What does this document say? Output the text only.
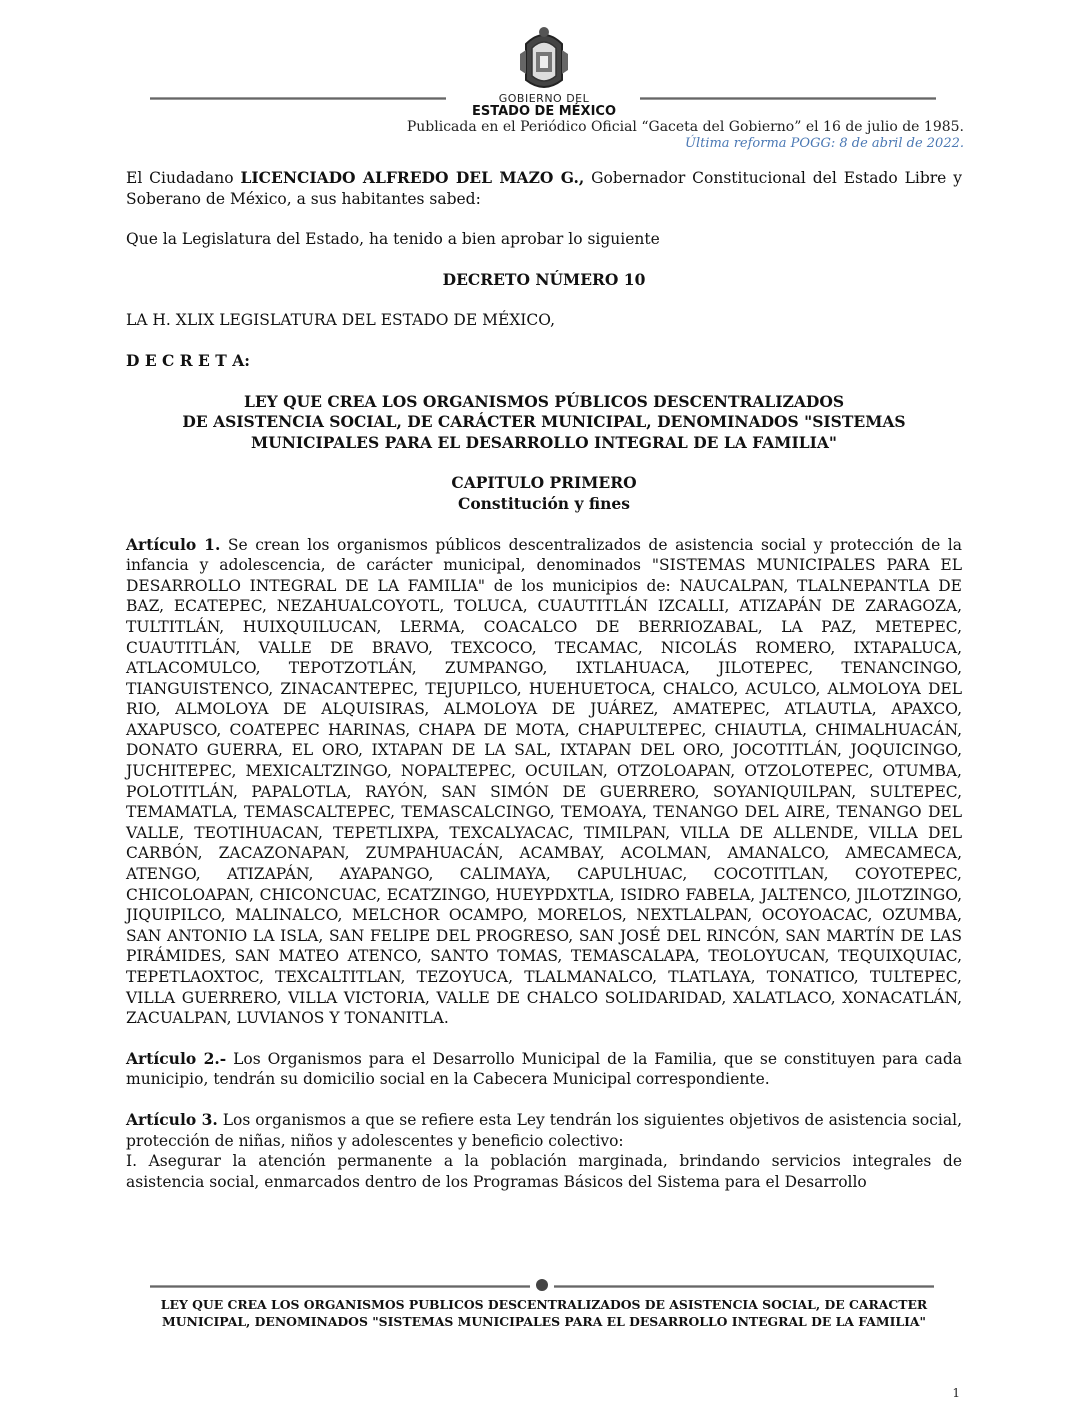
GOBIERNO DEL
ESTADO DE MÉXICO
Publicada en el Periódico Oficial “Gaceta del Gobierno” el 16 de julio de 1985.
Última reforma POGG: 8 de abril de 2022.

El Ciudadano LICENCIADO ALFREDO DEL MAZO G., Gobernador Constitucional del Estado Libre y Soberano de México, a sus habitantes sabed:

Que la Legislatura del Estado, ha tenido a bien aprobar lo siguiente

DECRETO NÚMERO 10

LA H. XLIX LEGISLATURA DEL ESTADO DE MÉXICO,

D E C R E T A:

LEY QUE CREA LOS ORGANISMOS PÚBLICOS DESCENTRALIZADOS

DE ASISTENCIA SOCIAL, DE CARÁCTER MUNICIPAL, DENOMINADOS "SISTEMAS

MUNICIPALES PARA EL DESARROLLO INTEGRAL DE LA FAMILIA"

CAPITULO PRIMERO

Constitución y fines

Artículo 1. Se crean los organismos públicos descentralizados de asistencia social y protección de la infancia y adolescencia, de carácter municipal, denominados "SISTEMAS MUNICIPALES PARA EL DESARROLLO INTEGRAL DE LA FAMILIA" de los municipios de: NAUCALPAN, TLALNEPANTLA DE BAZ, ECATEPEC, NEZAHUALCOYOTL, TOLUCA, CUAUTITLÁN IZCALLI, ATIZAPÁN DE ZARAGOZA, TULTITLÁN, HUIXQUILUCAN, LERMA, COACALCO DE BERRIOZABAL, LA PAZ, METEPEC, CUAUTITLÁN, VALLE DE BRAVO, TEXCOCO, TECAMAC, NICOLÁS ROMERO, IXTAPALUCA, ATLACOMULCO, TEPOTZOTLÁN, ZUMPANGO, IXTLAHUACA, JILOTEPEC, TENANCINGO, TIANGUISTENCO, ZINACANTEPEC, TEJUPILCO, HUEHUETOCA, CHALCO, ACULCO, ALMOLOYA DEL RIO, ALMOLOYA DE ALQUISIRAS, ALMOLOYA DE JUÁREZ, AMATEPEC, ATLAUTLA, APAXCO, AXAPUSCO, COATEPEC HARINAS, CHAPA DE MOTA, CHAPULTEPEC, CHIAUTLA, CHIMALHUACÁN, DONATO GUERRA, EL ORO, IXTAPAN DE LA SAL, IXTAPAN DEL ORO, JOCOTITLÁN, JOQUICINGO, JUCHITEPEC, MEXICALTZINGO, NOPALTEPEC, OCUILAN, OTZOLOAPAN, OTZOLOTEPEC, OTUMBA, POLOTITLÁN, PAPALOTLA, RAYÓN, SAN SIMÓN DE GUERRERO, SOYANIQUILPAN, SULTEPEC, TEMAMATLA, TEMASCALTEPEC, TEMASCALCINGO, TEMOAYA, TENANGO DEL AIRE, TENANGO DEL VALLE, TEOTIHUACAN, TEPETLIXPA, TEXCALYACAC, TIMILPAN, VILLA DE ALLENDE, VILLA DEL CARBÓN, ZACAZONAPAN, ZUMPAHUACÁN, ACAMBAY, ACOLMAN, AMANALCO, AMECAMECA, ATENGO, ATIZAPÁN, AYAPANGO, CALIMAYA, CAPULHUAC, COCOTITLAN, COYOTEPEC, CHICOLOAPAN, CHICONCUAC, ECATZINGO, HUEYPDXTLA, ISIDRO FABELA, JALTENCO, JILOTZINGO, JIQUIPILCO, MALINALCO, MELCHOR OCAMPO, MORELOS, NEXTLALPAN, OCOYOACAC, OZUMBA, SAN ANTONIO LA ISLA, SAN FELIPE DEL PROGRESO, SAN JOSÉ DEL RINCÓN, SAN MARTÍN DE LAS PIRÁMIDES, SAN MATEO ATENCO, SANTO TOMAS, TEMASCALAPA, TEOLOYUCAN, TEQUIXQUIAC, TEPETLAOXTOC, TEXCALTITLAN, TEZOYUCA, TLALMANALCO, TLATLAYA, TONATICO, TULTEPEC, VILLA GUERRERO, VILLA VICTORIA, VALLE DE CHALCO SOLIDARIDAD, XALATLACO, XONACATLÁN, ZACUALPAN, LUVIANOS Y TONANITLA.

Artículo 2.- Los Organismos para el Desarrollo Municipal de la Familia, que se constituyen para cada municipio, tendrán su domicilio social en la Cabecera Municipal correspondiente.

Artículo 3. Los organismos a que se refiere esta Ley tendrán los siguientes objetivos de asistencia social, protección de niñas, niños y adolescentes y beneficio colectivo:

I. Asegurar la atención permanente a la población marginada, brindando servicios integrales de asistencia social, enmarcados dentro de los Programas Básicos del Sistema para el Desarrollo

LEY QUE CREA LOS ORGANISMOS PUBLICOS DESCENTRALIZADOS DE ASISTENCIA SOCIAL, DE CARACTER
MUNICIPAL, DENOMINADOS "SISTEMAS MUNICIPALES PARA EL DESARROLLO INTEGRAL DE LA FAMILIA"
1
